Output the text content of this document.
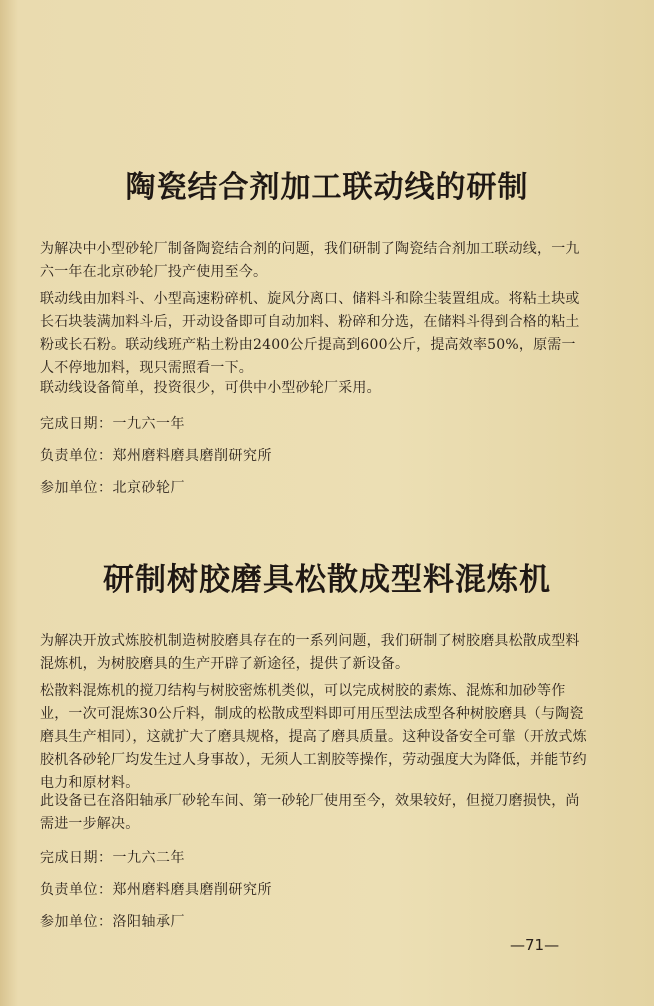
陶瓷结合剂加工联动线的研制

为解决中小型砂轮厂制备陶瓷结合剂的问题，我们研制了陶瓷结合剂加工联动线，一九六一年在北京砂轮厂投产使用至今。

联动线由加料斗、小型高速粉碎机、旋风分离口、储料斗和除尘装置组成。将粘土块或长石块装满加料斗后，开动设备即可自动加料、粉碎和分选，在储料斗得到合格的粘土粉或长石粉。联动线班产粘土粉由2400公斤提高到600公斤，提高效率50%，原需一人不停地加料，现只需照看一下。

联动线设备简单，投资很少，可供中小型砂轮厂采用。

完成日期：一九六一年
负责单位：郑州磨料磨具磨削研究所
参加单位：北京砂轮厂
研制树胶磨具松散成型料混炼机

为解决开放式炼胶机制造树胶磨具存在的一系列问题，我们研制了树胶磨具松散成型料混炼机，为树胶磨具的生产开辟了新途径，提供了新设备。

松散料混炼机的搅刀结构与树胶密炼机类似，可以完成树胶的素炼、混炼和加砂等作业，一次可混炼30公斤料，制成的松散成型料即可用压型法成型各种树胶磨具（与陶瓷磨具生产相同），这就扩大了磨具规格，提高了磨具质量。这种设备安全可靠（开放式炼胶机各砂轮厂均发生过人身事故），无须人工割胶等操作，劳动强度大为降低，并能节约电力和原材料。

此设备已在洛阳轴承厂砂轮车间、第一砂轮厂使用至今，效果较好，但搅刀磨损快，尚需进一步解决。

完成日期：一九六二年
负责单位：郑州磨料磨具磨削研究所
参加单位：洛阳轴承厂
—71—
